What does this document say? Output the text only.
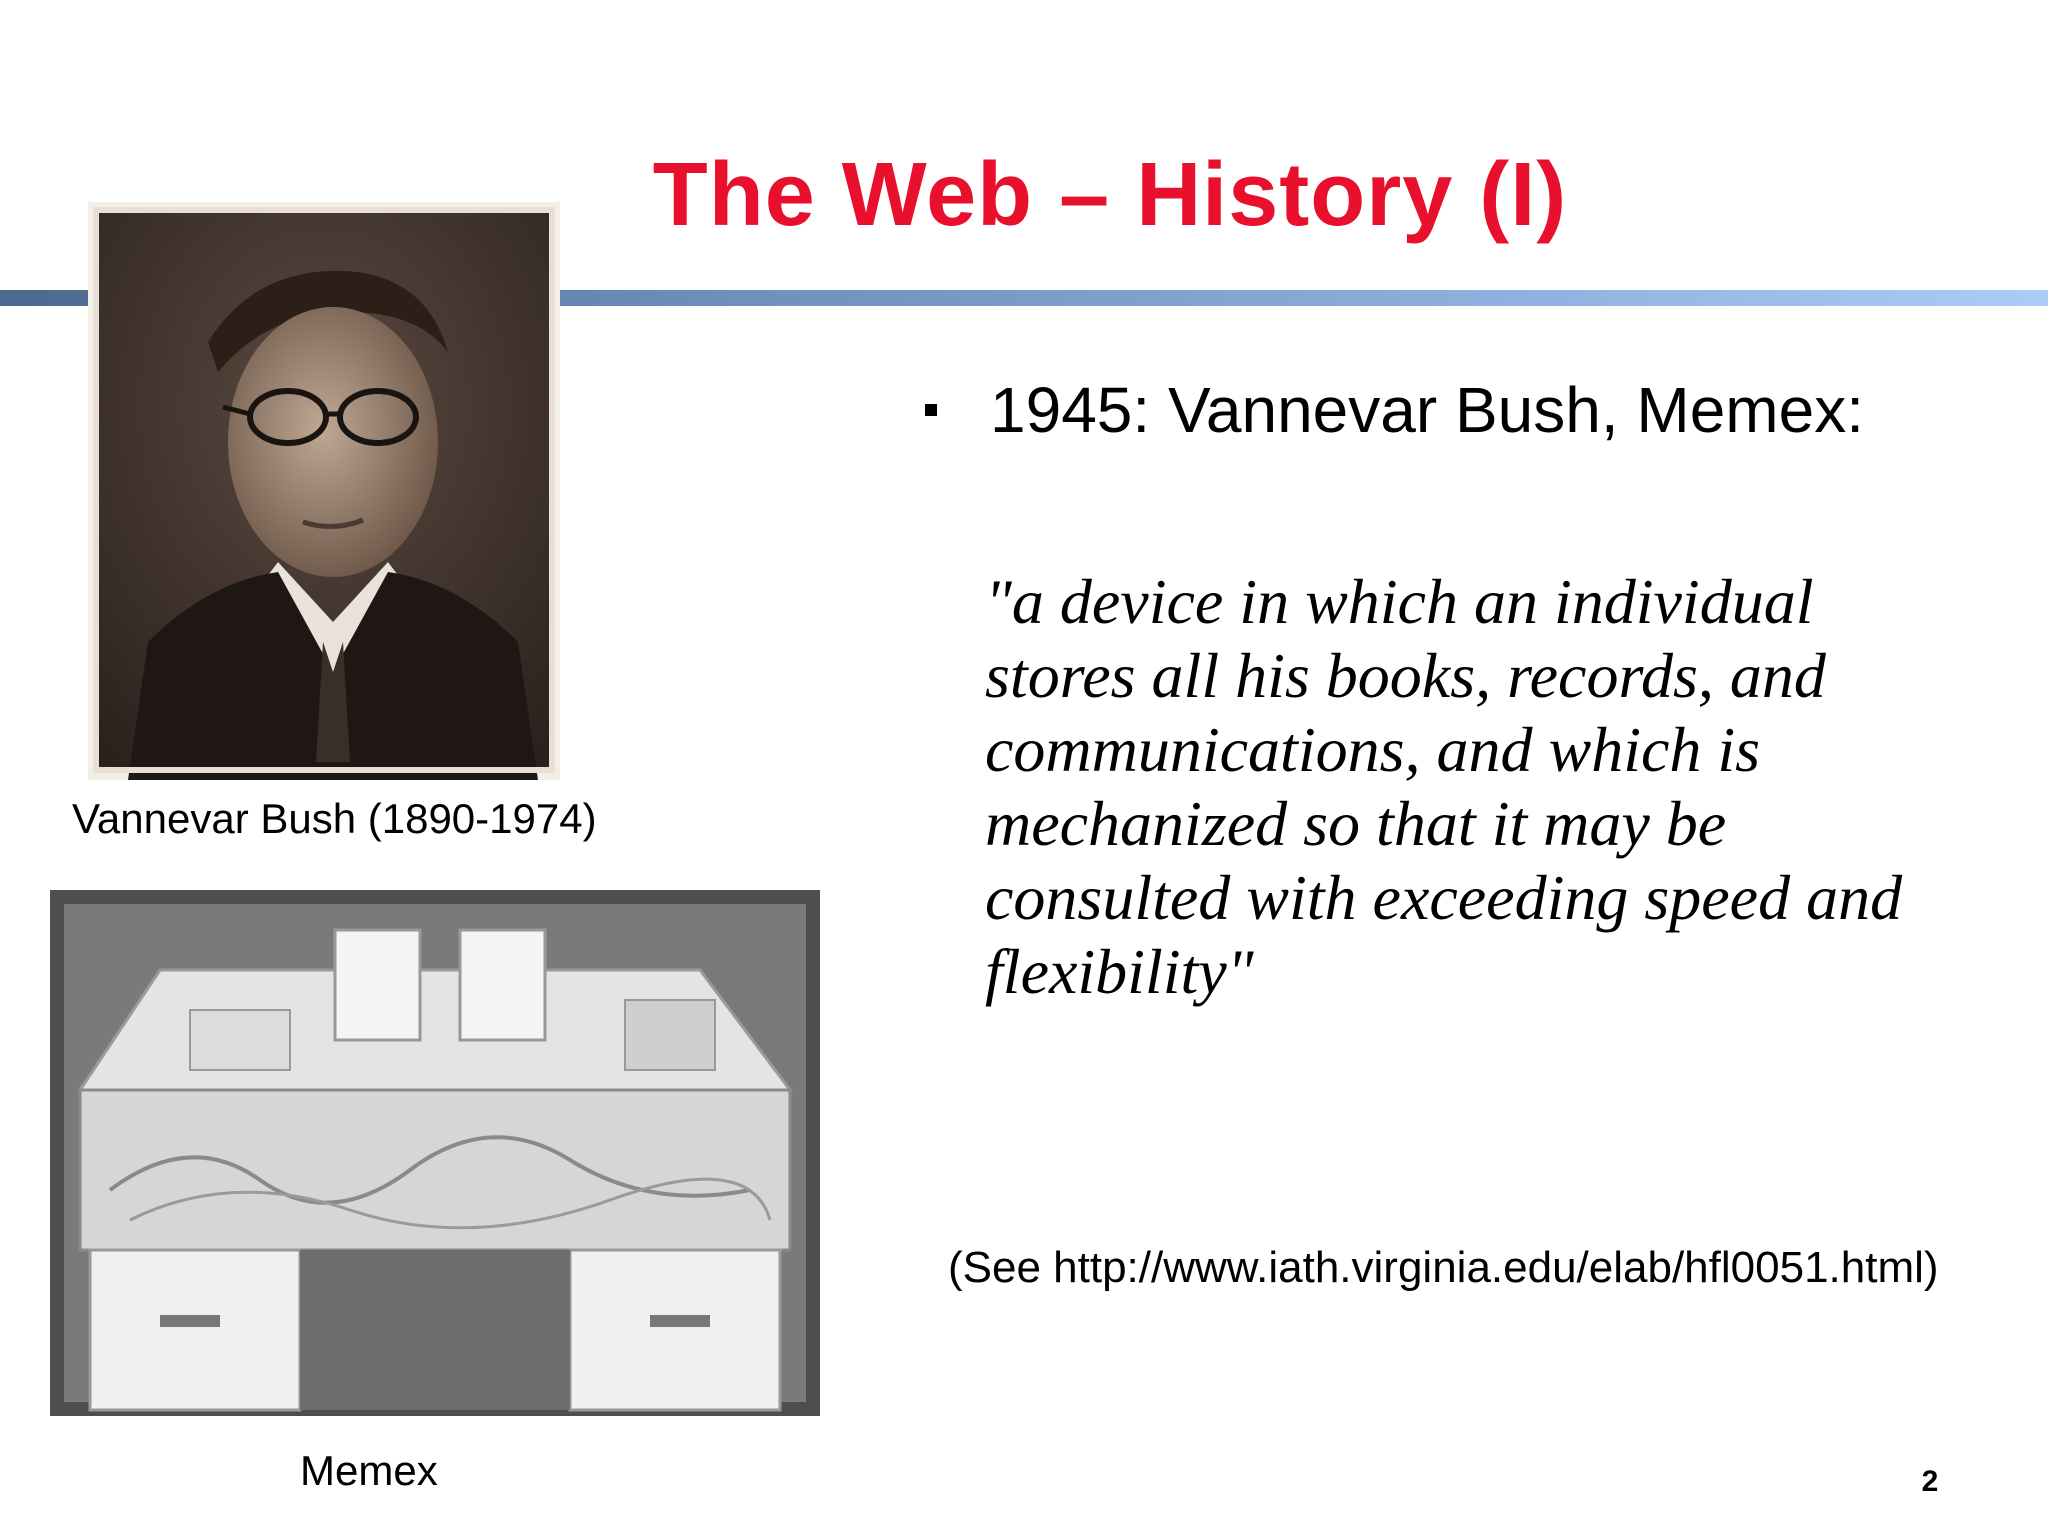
The Web – History (I)
Vannevar Bush (1890-1974)
Memex
1945: Vannevar Bush, Memex:
"a device in which an individual
stores all his books, records, and
communications, and which is
mechanized so that it may be
consulted with exceeding speed and
flexibility"
(See http://www.iath.virginia.edu/elab/hfl0051.html)
2
